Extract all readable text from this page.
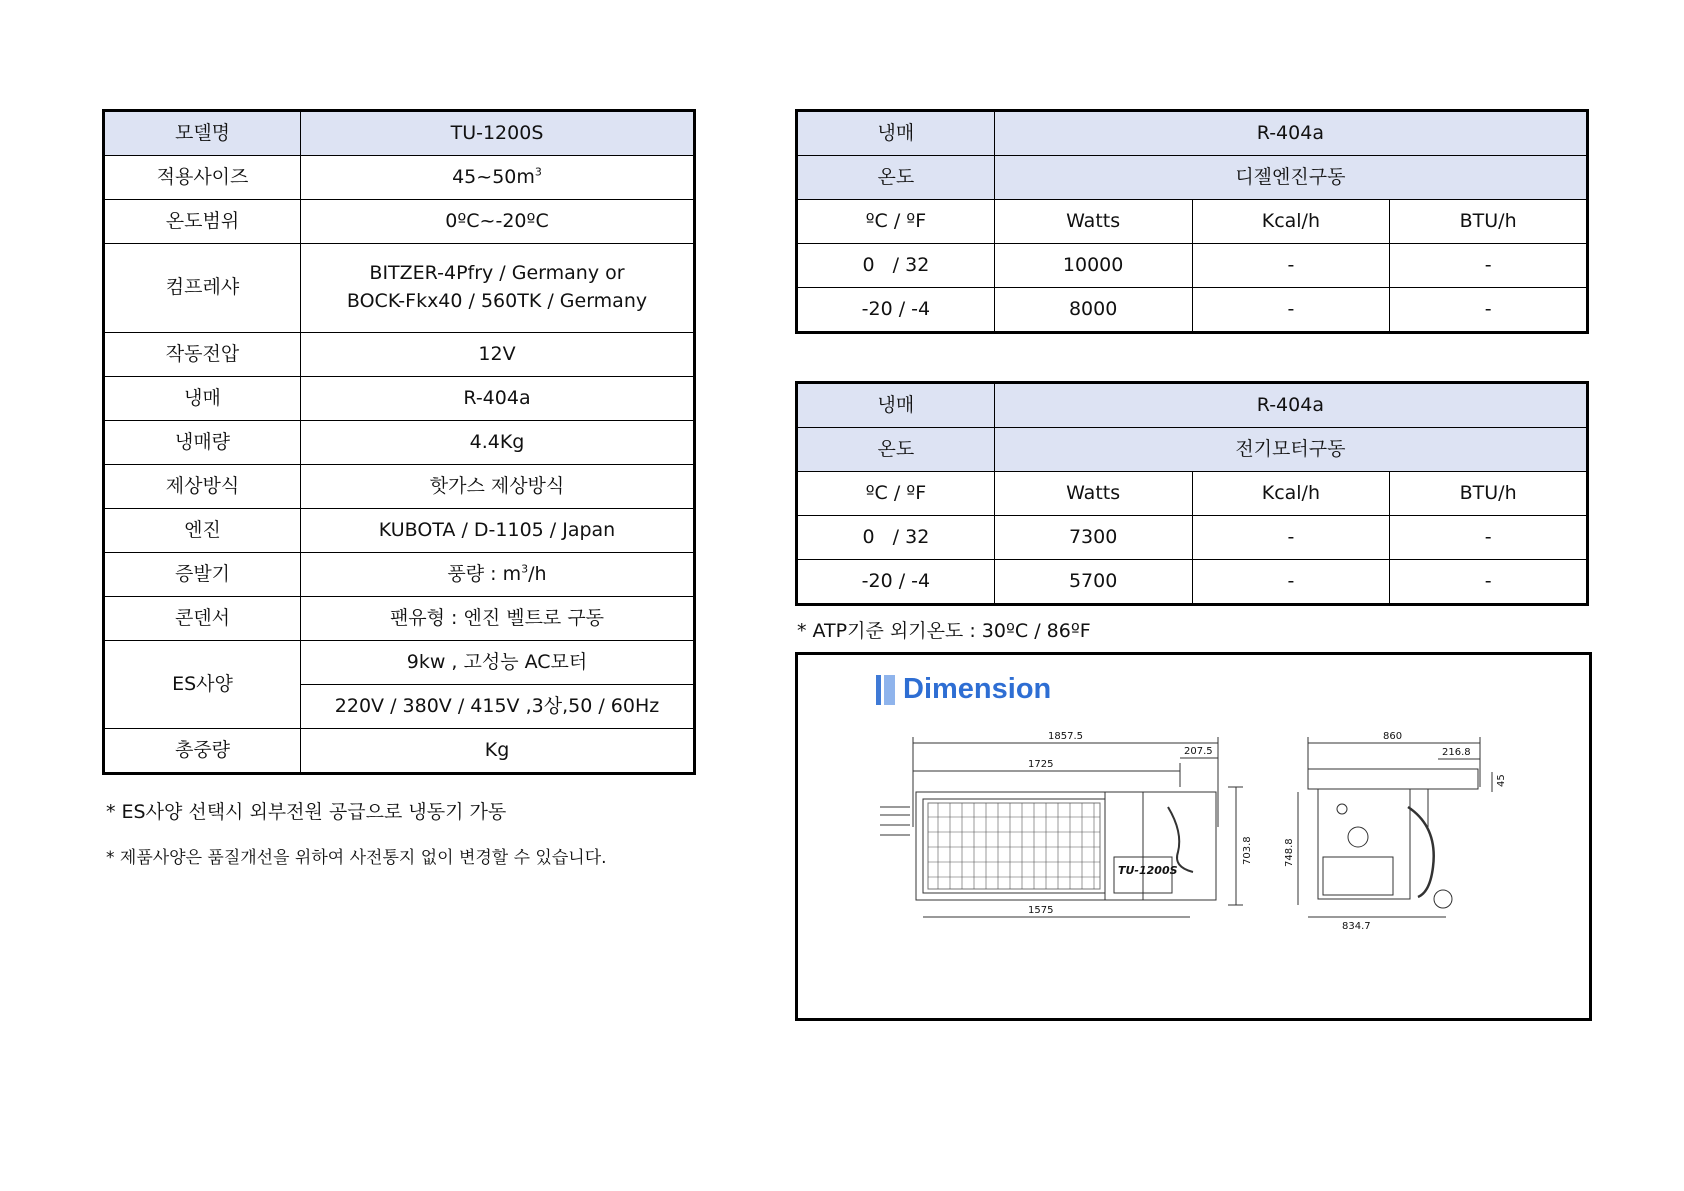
모델명	TU-1200S
적용사이즈	$45\sim 50m^3$
온도범위	0ºC~-20ºC
컴프레샤	BITZER-4Pfry / Germany or
BOCK-Fkx40 / 560TK / Germany

작동전압	12V
냉매	R-404a
냉매량	4.4Kg
제상방식	핫가스 제상방식
엔진	KUBOTA / D-1105 / Japan
증발기	풍량 : $m^3/h$
콘덴서	팬유형 : 엔진 벨트로 구동
ES사양	9kw , 고성능 AC모터
	220V / 380V / 415V ,3상,50 / 60Hz
총중량	Kg
* ES사양 선택시 외부전원 공급으로 냉동기 가동
* 제품사양은 품질개선을 위하여 사전통지 없이 변경할 수 있습니다.
냉매	R-404a		
온도	디젤엔진구동		
ºC / ºF	Watts	Kcal/h	BTU/h
0   / 32	10000	-	-
-20 / -4	8000	-	-
냉매	R-404a		
온도	전기모터구동		
ºC / ºF	Watts	Kcal/h	BTU/h
0   / 32	7300	-	-
-20 / -4	5700	-	-
* ATP기준 외기온도 : 30ºC / 86ºF
Dimension
1857.5
1725
207.5
703.8
1575
TU-1200S
860
216.8
45
748.8
834.7
